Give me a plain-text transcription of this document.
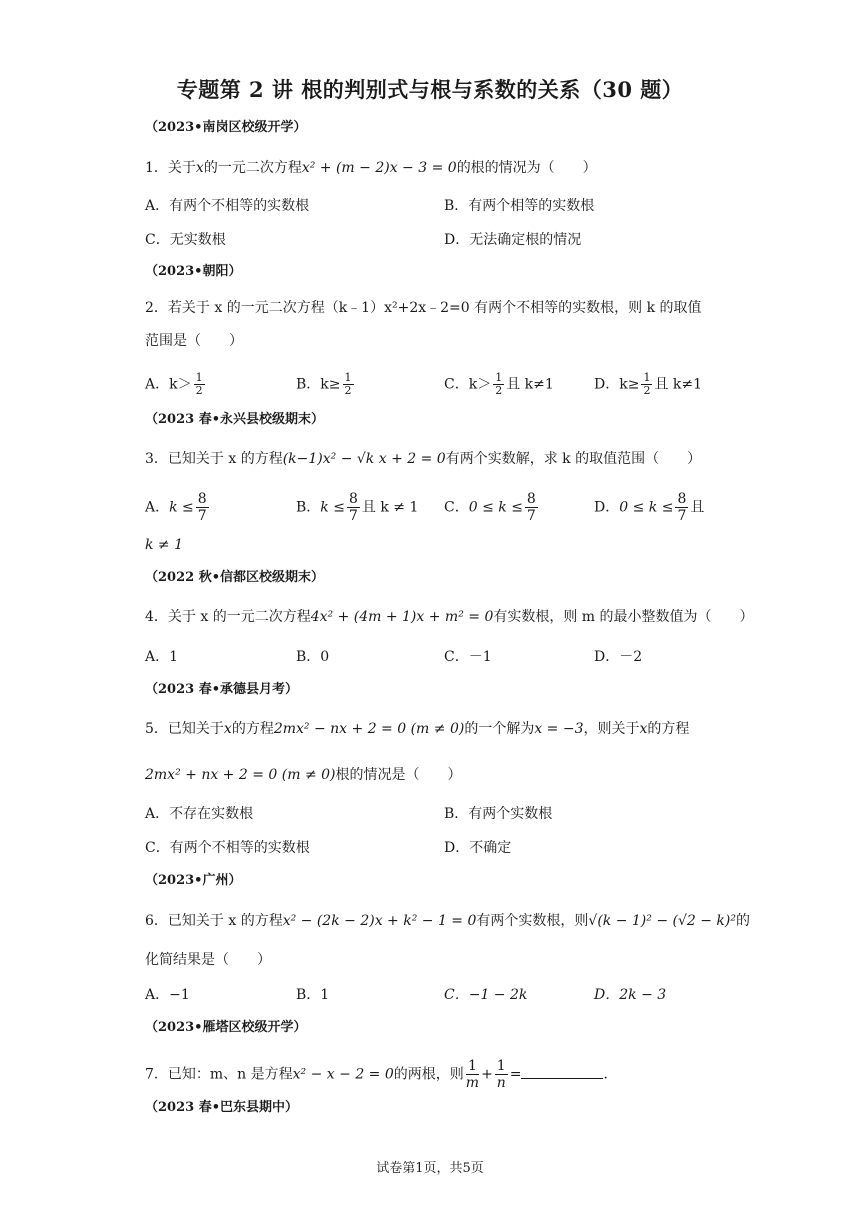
专题第 2 讲 根的判别式与根与系数的关系（30 题）
（2023•南岗区校级开学）
1．关于x的一元二次方程x² + (m − 2)x − 3 = 0的根的情况为（　　）
A．有两个不相等的实数根	B．有两个相等的实数根
C．无实数根	D．无法确定根的情况
（2023•朝阳）
2．若关于 x 的一元二次方程（k﹣1）x²+2x﹣2=0 有两个不相等的实数根，则 k 的取值
范围是（　　）
A．$k> \frac{1}{2}$	B．$k\ge \frac{1}{2}$	C．$k> \frac{1}{2}$ 且 k≠1	D．$k\ge \frac{1}{2}$ 且 k≠1
（2023 春•永兴县校级期末）
3．已知关于 x 的方程(k−1)x² − √k x + 2 = 0有两个实数解，求 k 的取值范围（　　）
A．$k \le \frac{8}{7}$	B．$k \le \frac{8}{7}$ 且 k ≠ 1 C．$0 \le k \le \frac{8}{7}$	D．$0 \le k \le \frac{8}{7}$ 且
k ≠ 1
（2022 秋•信都区校级期末）
4．关于 x 的一元二次方程4x² + (4m + 1)x + m² = 0有实数根，则 m 的最小整数值为（　　）
A．1	B．0	C．－1	D．－2
（2023 春•承德县月考）
5．已知关于x的方程2mx² − nx + 2 = 0 (m ≠ 0)的一个解为x = −3，则关于x的方程
2mx² + nx + 2 = 0 (m ≠ 0)根的情况是（　　）
A．不存在实数根	B．有两个实数根
C．有两个不相等的实数根	D．不确定
（2023•广州）
6．已知关于 x 的方程x² − (2k − 2)x + k² − 1 = 0有两个实数根，则√(k − 1)² − (√2 − k)²的
化简结果是（　　）
A．−1	B．1	C．−1 − 2k	D．2k − 3
（2023•雁塔区校级开学）
7．已知：m、n 是方程x² − x − 2 = 0的两根，则 $\frac{1}{m} + \frac{1}{n}$ =	．
（2023 春•巴东县期中）
试卷第1页，共5页
